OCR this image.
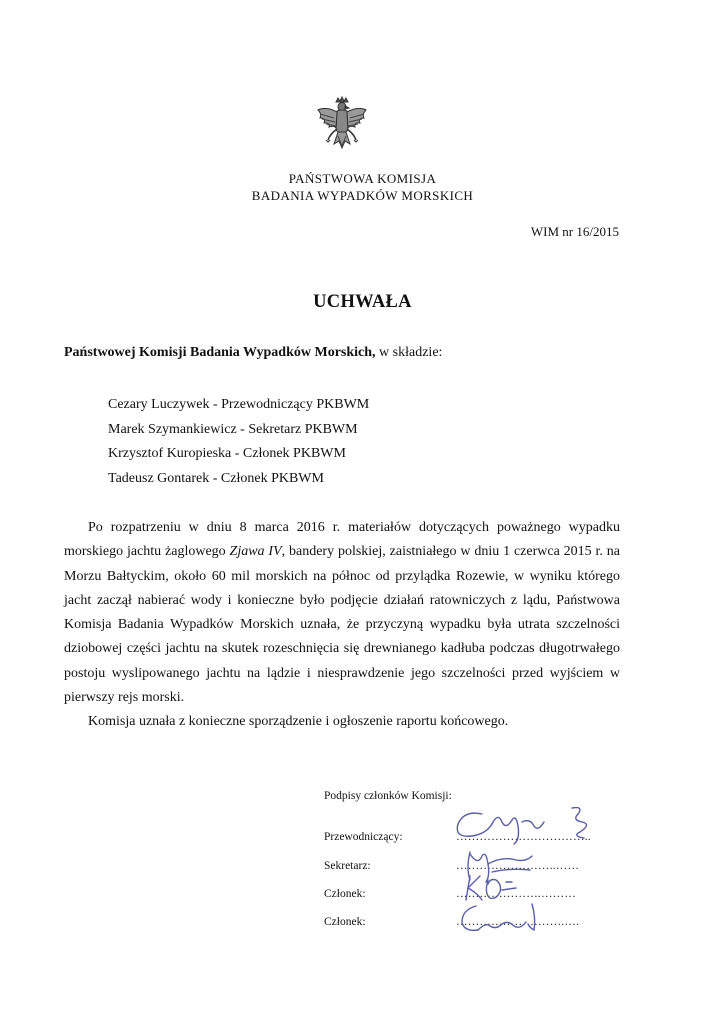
PAŃSTWOWA KOMISJA
BADANIA WYPADKÓW MORSKICH
WIM nr 16/2015
UCHWAŁA
Państwowej Komisji Badania Wypadków Morskich, w składzie:
Cezary Luczywek - Przewodniczący PKBWM
Marek Szymankiewicz - Sekretarz PKBWM
Krzysztof Kuropieska - Członek PKBWM
Tadeusz Gontarek - Członek PKBWM

Po rozpatrzeniu w dniu 8 marca 2016 r. materiałów dotyczących poważnego wypadku morskiego jachtu żaglowego Zjawa IV, bandery polskiej, zaistniałego w dniu 1 czerwca 2015 r. na Morzu Bałtyckim, około 60 mil morskich na północ od przylądka Rozewie, w wyniku którego jacht zaczął nabierać wody i konieczne było podjęcie działań ratowniczych z lądu, Państwowa Komisja Badania Wypadków Morskich uznała, że przyczyną wypadku była utrata szczelności dziobowej części jachtu na skutek rozeschnięcia się drewnianego kadłuba podczas długotrwałego postoju wyslipowanego jachtu na lądzie i niesprawdzenie jego szczelności przed wyjściem w pierwszy rejs morski.

Komisja uznała z konieczne sporządzenie i ogłoszenie raportu końcowego.

Podpisy członków Komisji:
Przewodniczący:	……………………………..
Sekretarz:	……………………..……
Członek:	………………….………
Członek:	……………………….….
